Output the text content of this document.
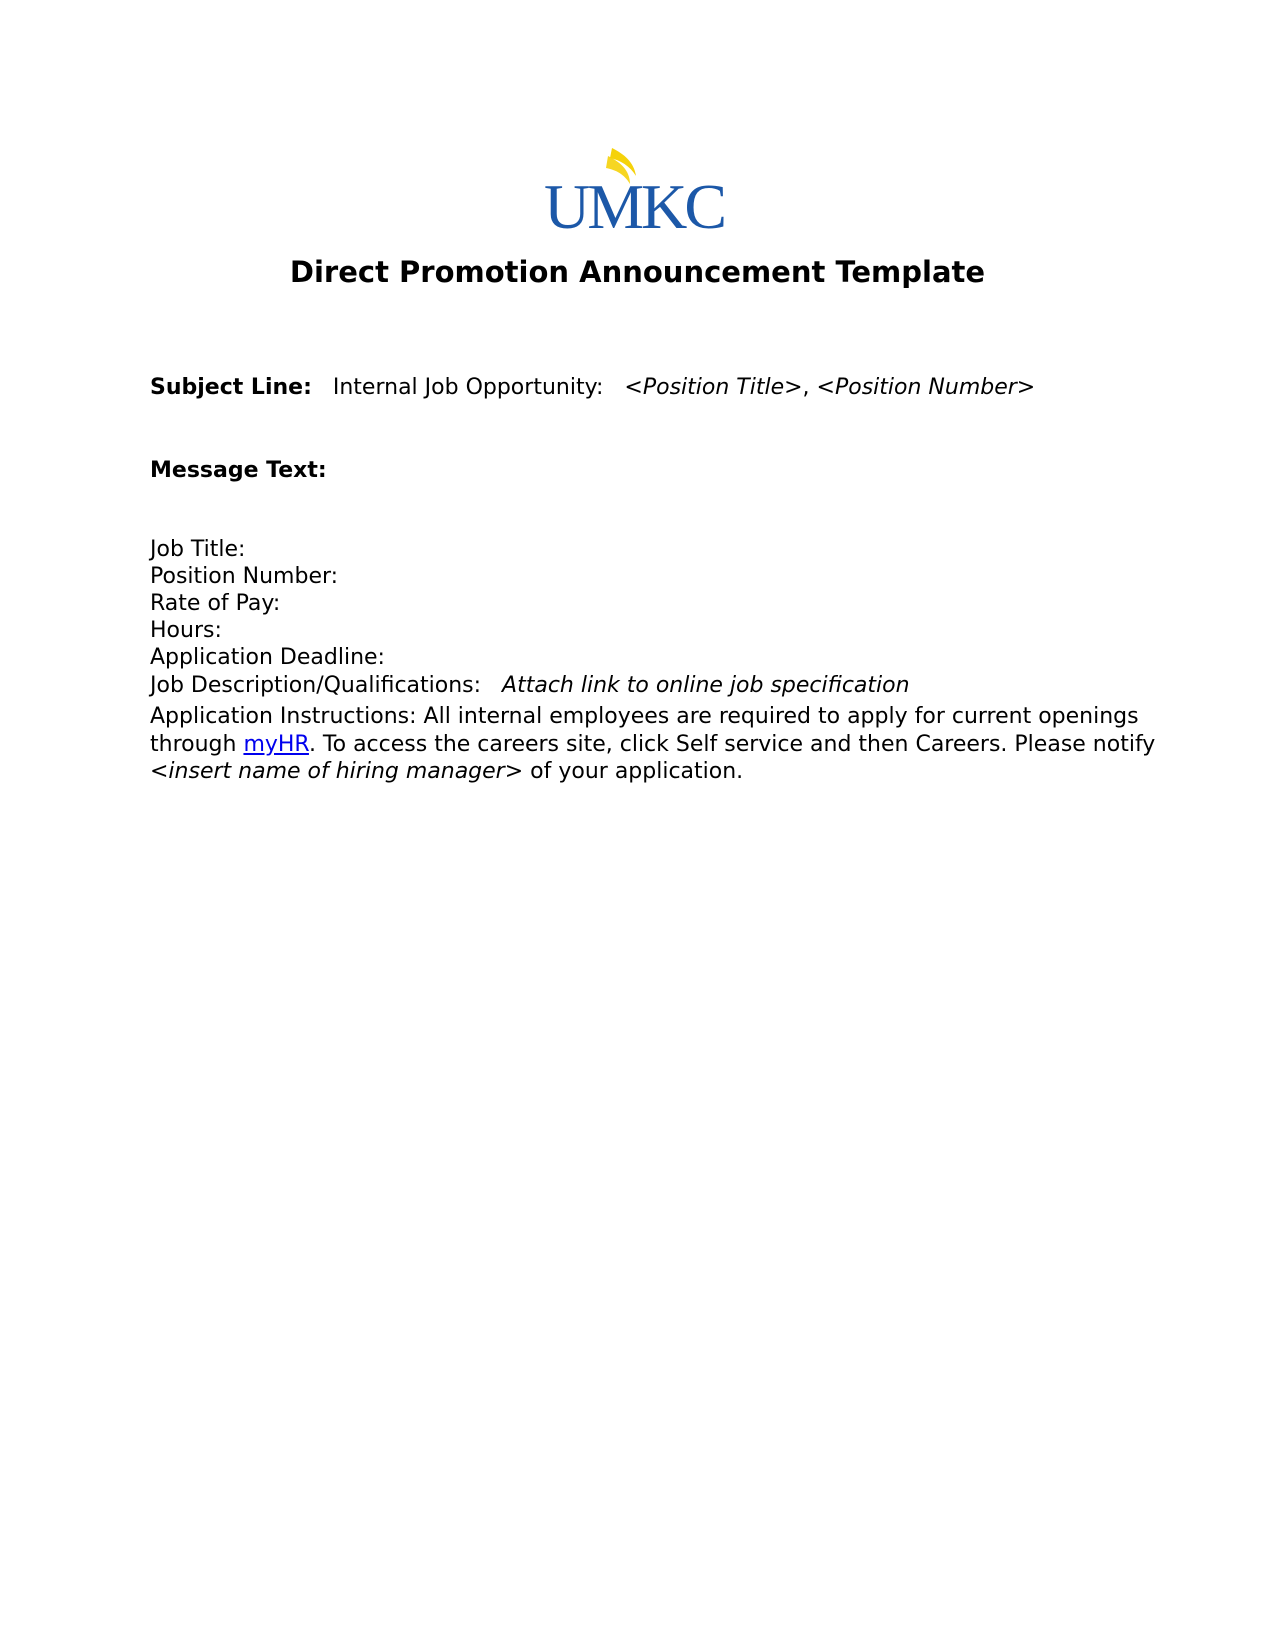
UMKC
Direct Promotion Announcement Template
Subject Line: Internal Job Opportunity: <Position Title>, <Position Number>
Message Text:
Job Title:
Position Number:
Rate of Pay:
Hours:
Application Deadline:
Job Description/Qualifications: Attach link to online job specification
Application Instructions: All internal employees are required to apply for current openings
through myHR. To access the careers site, click Self service and then Careers. Please notify
<insert name of hiring manager> of your application.
